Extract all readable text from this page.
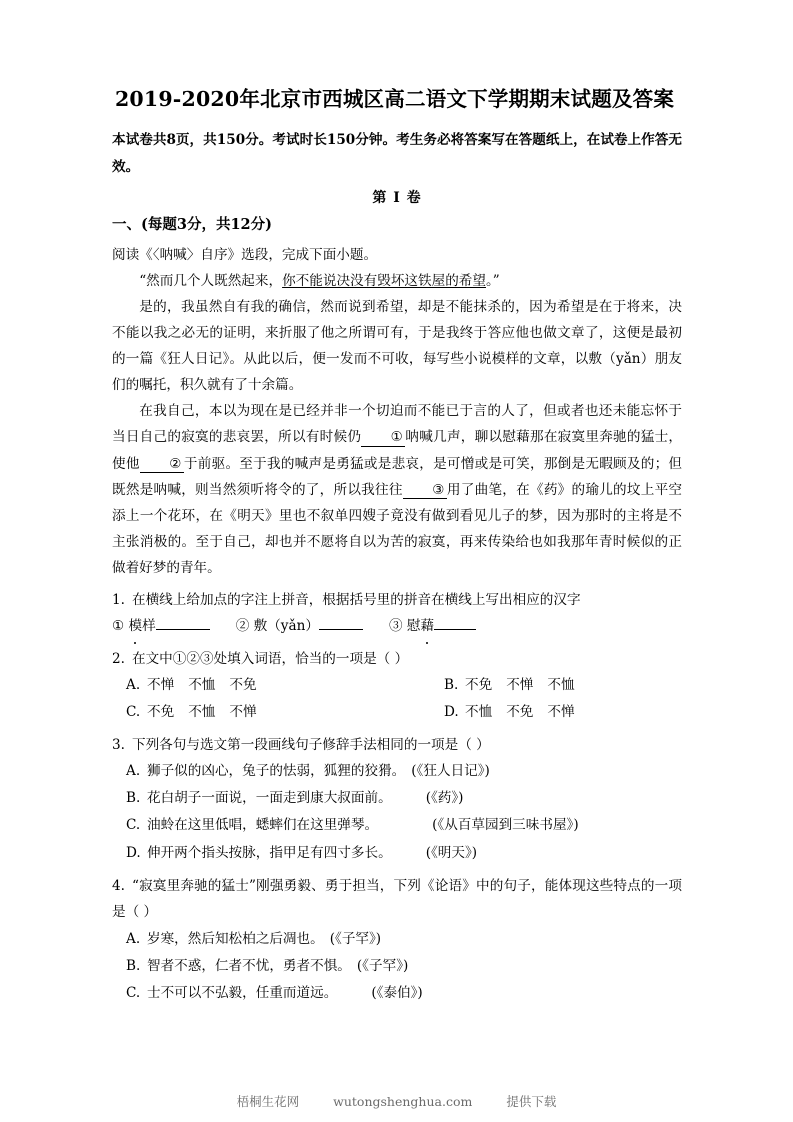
2019-2020年北京市西城区高二语文下学期期末试题及答案
本试卷共8页，共150分。考试时长150分钟。考生务必将答案写在答题纸上，在试卷上作答无效。
第 Ⅰ 卷
一、(每题3分，共12分)
阅读《〈呐喊〉自序》选段，完成下面小题。
“然而几个人既然起来，你不能说决没有毁坏这铁屋的希望。”
是的，我虽然自有我的确信，然而说到希望，却是不能抹杀的，因为希望是在于将来，决不能以我之必无的证明，来折服了他之所谓可有，于是我终于答应他也做文章了，这便是最初的一篇《狂人日记》。从此以后，便一发而不可收，每写些小说模样的文章，以敷（yǎn）朋友们的嘱托，积久就有了十余篇。
在我自己，本以为现在是已经并非一个切迫而不能已于言的人了，但或者也还未能忘怀于当日自己的寂寞的悲哀罢，所以有时候仍 ① 呐喊几声，聊以慰藉那在寂寞里奔驰的猛士，使他 ② 于前驱。至于我的喊声是勇猛或是悲哀，是可憎或是可笑，那倒是无暇顾及的；但既然是呐喊，则当然须听将令的了，所以我往往 ③ 用了曲笔，在《药》的瑜儿的坟上平空添上一个花环，在《明天》里也不叙单四嫂子竟没有做到看见儿子的梦，因为那时的主将是不主张消极的。至于自己，却也并不愿将自以为苦的寂寞，再来传染给也如我那年青时候似的正做着好梦的青年。
1. 在横线上给加点的字注上拼音，根据括号里的拼音在横线上写出相应的汉字
① 模样	② 敷（yǎn）	③ 慰藉
2. 在文中①②③处填入词语，恰当的一项是（ ）
A. 不惮 不恤 不免	B. 不免 不惮 不恤
C. 不免 不恤 不惮	D. 不恤 不免 不惮
3. 下列各句与选文第一段画线句子修辞手法相同的一项是（ ）
A. 狮子似的凶心，兔子的怯弱，狐狸的狡猾。 (《狂人日记》)
B. 花白胡子一面说，一面走到康大叔面前。	(《药》)
C. 油蛉在这里低唱，蟋蟀们在这里弹琴。	(《从百草园到三味书屋》)
D. 伸开两个指头按脉，指甲足有四寸多长。	(《明天》)
4. “寂寞里奔驰的猛士”刚强勇毅、勇于担当，下列《论语》中的句子，能体现这些特点的一项是（ ）
A. 岁寒，然后知松柏之后凋也。 (《子罕》)
B. 智者不惑，仁者不忧，勇者不惧。 (《子罕》)
C. 士不可以不弘毅，任重而道远。	(《泰伯》)
梧桐生花网	wutongshenghua.com	提供下载
